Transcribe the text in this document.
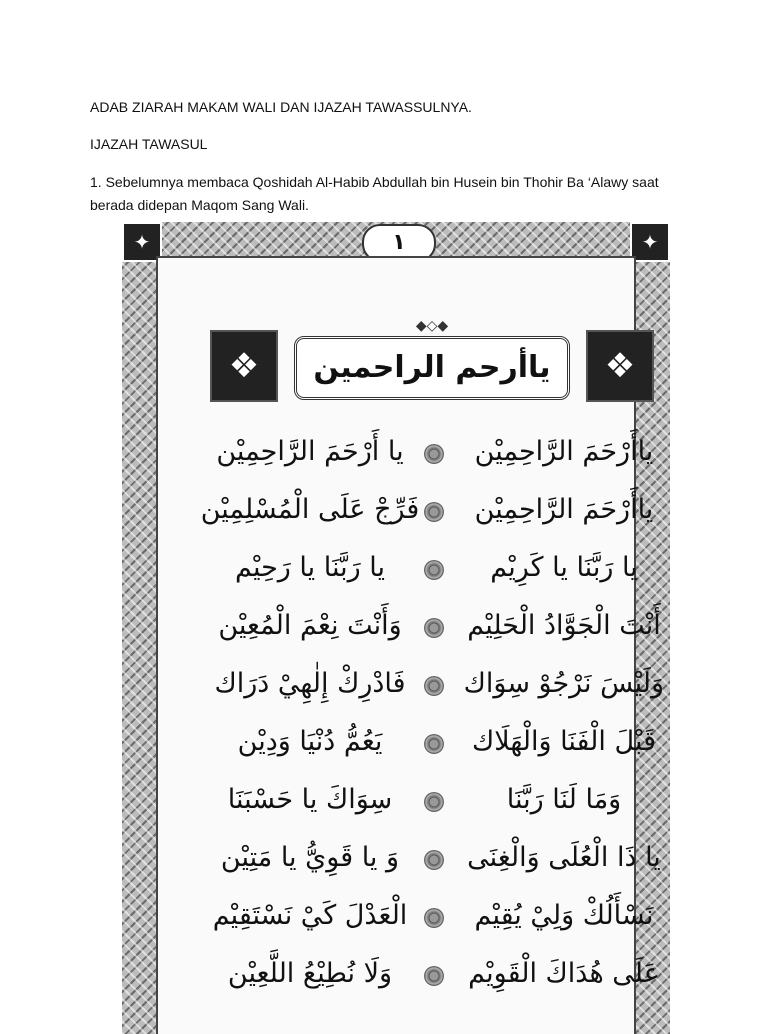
ADAB ZIARAH MAKAM WALI DAN IJAZAH TAWASSULNYA.
IJAZAH TAWASUL
1. Sebelumnya membaca Qoshidah Al-Habib Abdullah bin Husein bin Thohir Ba ‘Alawy saat berada didepan Maqom Sang Wali.
✦
✦
١
❖
◆◇◆
ياأرحم الراحمين
❖
ياأَرْحَمَ الرَّاحِمِيْن
يا أَرْحَمَ الرَّاحِمِيْن
ياأَرْحَمَ الرَّاحِمِيْن
فَرِّجْ عَلَى الْمُسْلِمِيْن
يا رَبَّنَا يا كَرِيْم
يا رَبَّنَا يا رَحِيْم
أَنْتَ الْجَوَّادُ الْحَلِيْم
وَأَنْتَ نِعْمَ الْمُعِيْن
وَلَيْسَ نَرْجُوْ سِوَاك
فَادْرِكْ إِلٰهِيْ دَرَاك
قَبْلَ الْفَنَا وَالْهَلَاك
يَعُمُّ دُنْيَا وَدِيْن
وَمَا لَنَا رَبَّنَا
سِوَاكَ يا حَسْبَنَا
يا ذَا الْعُلَى وَالْغِنَى
وَ يا قَوِيُّ يا مَتِيْن
نَسْأَلُكْ وَلِيْ يُقِيْم
الْعَدْلَ كَيْ نَسْتَقِيْم
عَلَى هُدَاكَ الْقَوِيْم
وَلَا نُطِيْعُ اللَّعِيْن
